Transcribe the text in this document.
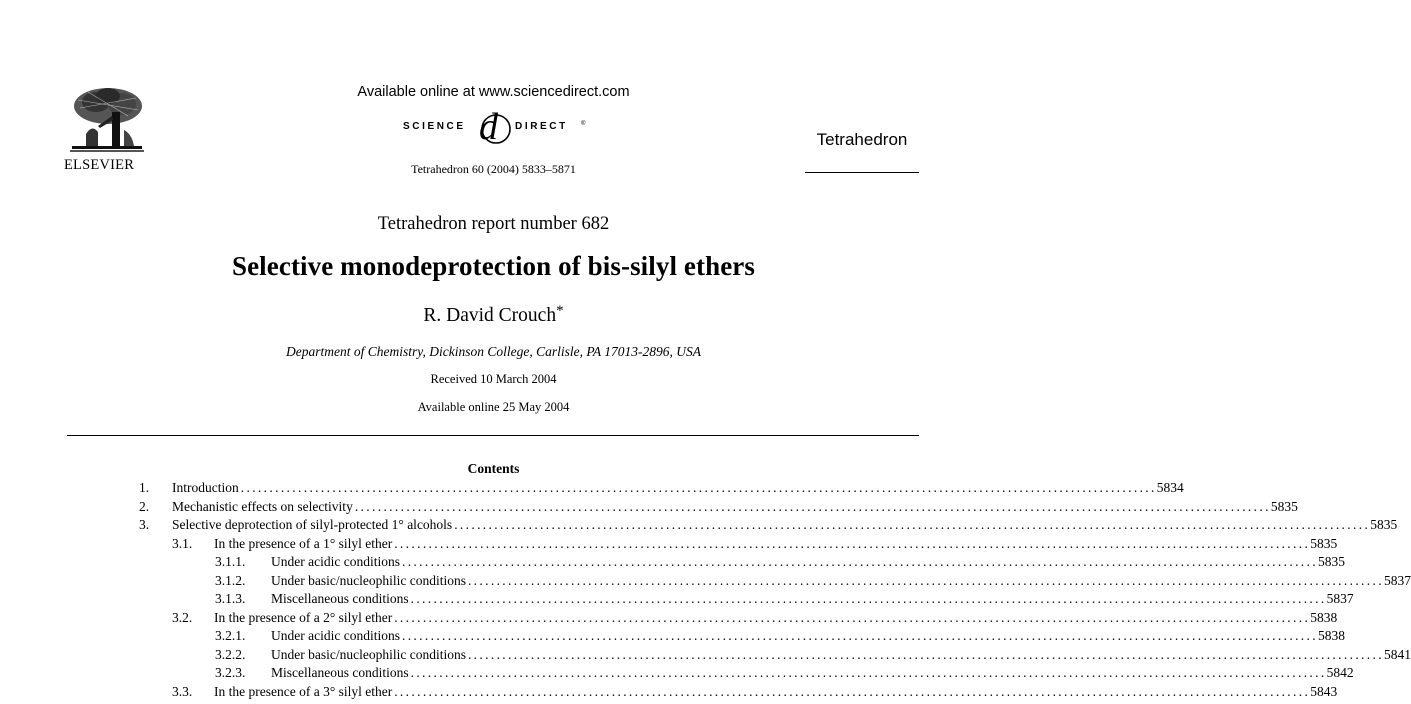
ELSEVIER
Available online at www.sciencedirect.com
SCIENCE d DIRECT ®
Tetrahedron 60 (2004) 5833–5871
Tetrahedron
Tetrahedron report number 682
Selective monodeprotection of bis-silyl ethers
R. David Crouch*
Department of Chemistry, Dickinson College, Carlisle, PA 17013-2896, USA
Received 10 March 2004
Available online 25 May 2004
Contents
1. Introduction ................................................................................................................................................................ 5834
2. Mechanistic effects on selectivity ................................................................................................................................................................ 5835
3. Selective deprotection of silyl-protected 1° alcohols ................................................................................................................................................................ 5835
3.1. In the presence of a 1° silyl ether ................................................................................................................................................................ 5835
3.1.1. Under acidic conditions ................................................................................................................................................................ 5835
3.1.2. Under basic/nucleophilic conditions ................................................................................................................................................................ 5837
3.1.3. Miscellaneous conditions ................................................................................................................................................................ 5837
3.2. In the presence of a 2° silyl ether ................................................................................................................................................................ 5838
3.2.1. Under acidic conditions ................................................................................................................................................................ 5838
3.2.2. Under basic/nucleophilic conditions ................................................................................................................................................................ 5841
3.2.3. Miscellaneous conditions ................................................................................................................................................................ 5842
3.3. In the presence of a 3° silyl ether ................................................................................................................................................................ 5843
